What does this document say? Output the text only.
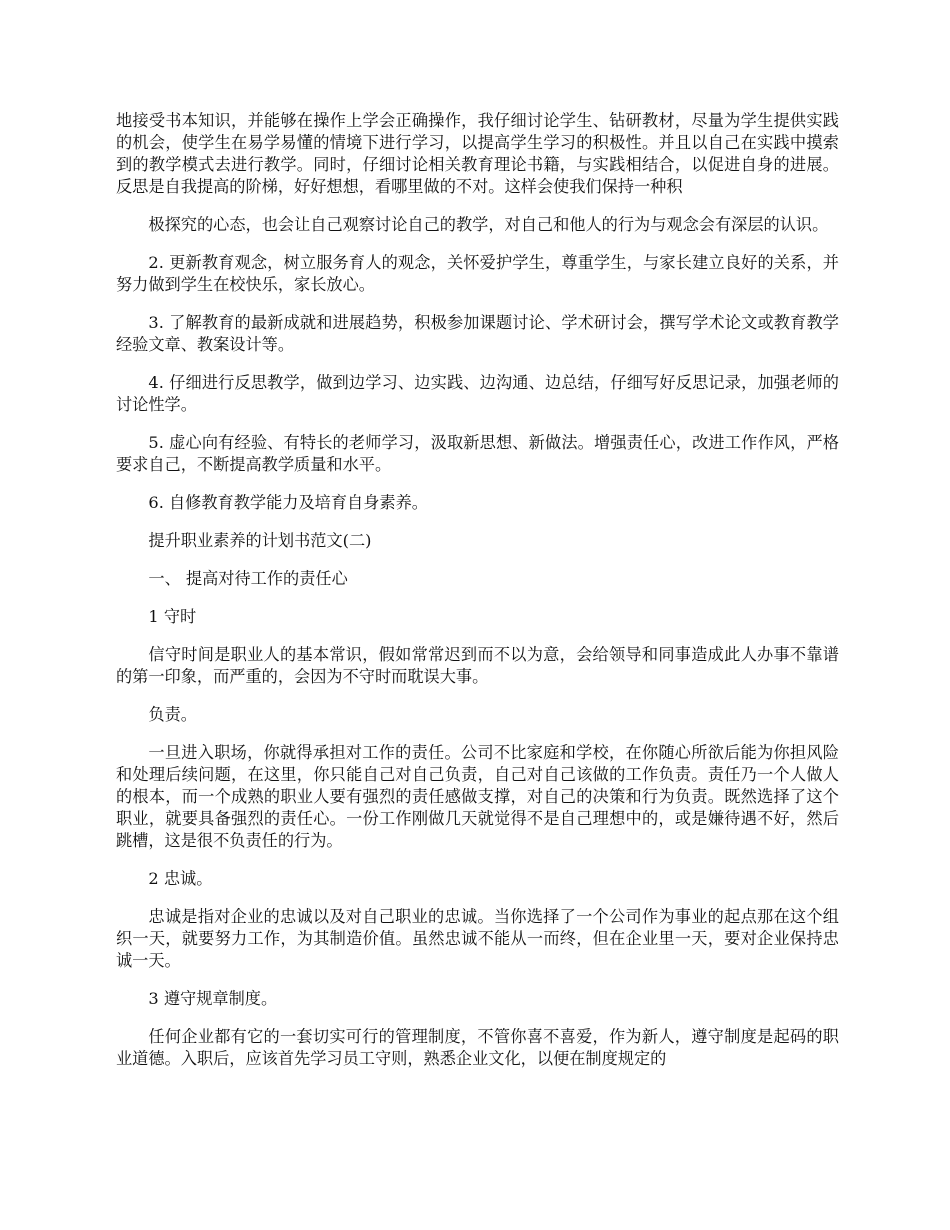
地接受书本知识，并能够在操作上学会正确操作，我仔细讨论学生、钻研教材，尽量为学生提供实践的机会，使学生在易学易懂的情境下进行学习，以提高学生学习的积极性。并且以自己在实践中摸索到的教学模式去进行教学。同时，仔细讨论相关教育理论书籍，与实践相结合，以促进自身的进展。反思是自我提高的阶梯，好好想想，看哪里做的不对。这样会使我们保持一种积

极探究的心态，也会让自己观察讨论自己的教学，对自己和他人的行为与观念会有深层的认识。

2. 更新教育观念，树立服务育人的观念，关怀爱护学生，尊重学生，与家长建立良好的关系，并努力做到学生在校快乐，家长放心。

3. 了解教育的最新成就和进展趋势，积极参加课题讨论、学术研讨会，撰写学术论文或教育教学经验文章、教案设计等。

4. 仔细进行反思教学，做到边学习、边实践、边沟通、边总结，仔细写好反思记录，加强老师的讨论性学。

5. 虚心向有经验、有特长的老师学习，汲取新思想、新做法。增强责任心，改进工作作风，严格要求自己，不断提高教学质量和水平。

6. 自修教育教学能力及培育自身素养。

提升职业素养的计划书范文(二)

一、 提高对待工作的责任心

1 守时

信守时间是职业人的基本常识，假如常常迟到而不以为意，会给领导和同事造成此人办事不靠谱的第一印象，而严重的，会因为不守时而耽误大事。

负责。

一旦进入职场，你就得承担对工作的责任。公司不比家庭和学校，在你随心所欲后能为你担风险和处理后续问题，在这里，你只能自己对自己负责，自己对自己该做的工作负责。责任乃一个人做人的根本，而一个成熟的职业人要有强烈的责任感做支撑，对自己的决策和行为负责。既然选择了这个职业，就要具备强烈的责任心。一份工作刚做几天就觉得不是自己理想中的，或是嫌待遇不好，然后跳槽，这是很不负责任的行为。

2 忠诚。

忠诚是指对企业的忠诚以及对自己职业的忠诚。当你选择了一个公司作为事业的起点那在这个组织一天，就要努力工作，为其制造价值。虽然忠诚不能从一而终，但在企业里一天，要对企业保持忠诚一天。

3 遵守规章制度。

任何企业都有它的一套切实可行的管理制度，不管你喜不喜爱，作为新人，遵守制度是起码的职业道德。入职后，应该首先学习员工守则，熟悉企业文化，以便在制度规定的
